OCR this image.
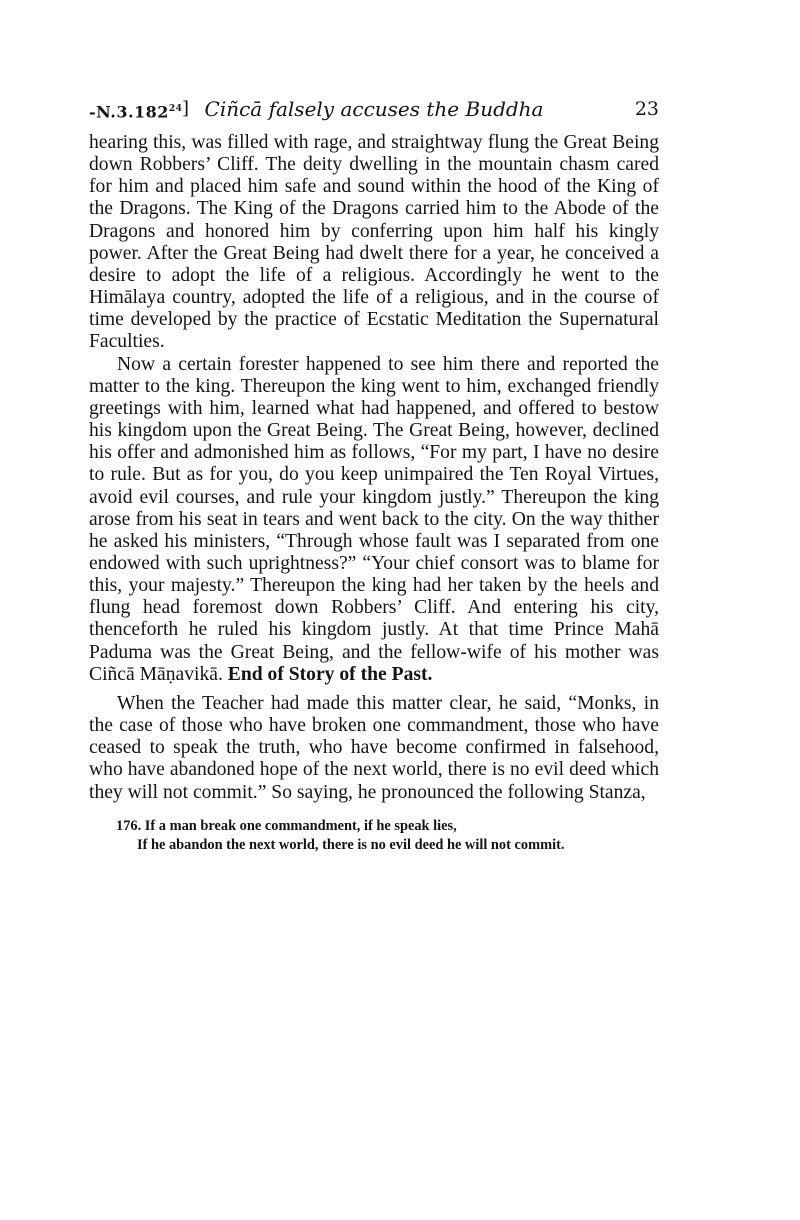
-N.3.182$^{24}$ ] Ciñcā falsely accuses the Buddha	23

hearing this, was filled with rage, and straightway flung the Great Being down Robbers’ Cliff. The deity dwelling in the mountain chasm cared for him and placed him safe and sound within the hood of the King of the Dragons. The King of the Dragons carried him to the Abode of the Dragons and honored him by conferring upon him half his kingly power. After the Great Being had dwelt there for a year, he conceived a desire to adopt the life of a religious. Accordingly he went to the Himālaya country, adopted the life of a religious, and in the course of time developed by the practice of Ecstatic Meditation the Supernatural Faculties.

Now a certain forester happened to see him there and reported the matter to the king. Thereupon the king went to him, exchanged friendly greetings with him, learned what had happened, and offered to bestow his kingdom upon the Great Being. The Great Being, however, declined his offer and admonished him as follows, “For my part, I have no desire to rule. But as for you, do you keep unimpaired the Ten Royal Virtues, avoid evil courses, and rule your kingdom justly.” Thereupon the king arose from his seat in tears and went back to the city. On the way thither he asked his ministers, “Through whose fault was I separated from one endowed with such uprightness?” “Your chief consort was to blame for this, your majesty.” Thereupon the king had her taken by the heels and flung head foremost down Robbers’ Cliff. And entering his city, thenceforth he ruled his kingdom justly. At that time Prince Mahā Paduma was the Great Being, and the fellow-wife of his mother was Ciñcā Māṇavikā. End of Story of the Past.

When the Teacher had made this matter clear, he said, “Monks, in the case of those who have broken one commandment, those who have ceased to speak the truth, who have become confirmed in falsehood, who have abandoned hope of the next world, there is no evil deed which they will not commit.” So saying, he pronounced the following Stanza,

176. If a man break one commandment, if he speak lies,
If he abandon the next world, there is no evil deed he will not commit.
